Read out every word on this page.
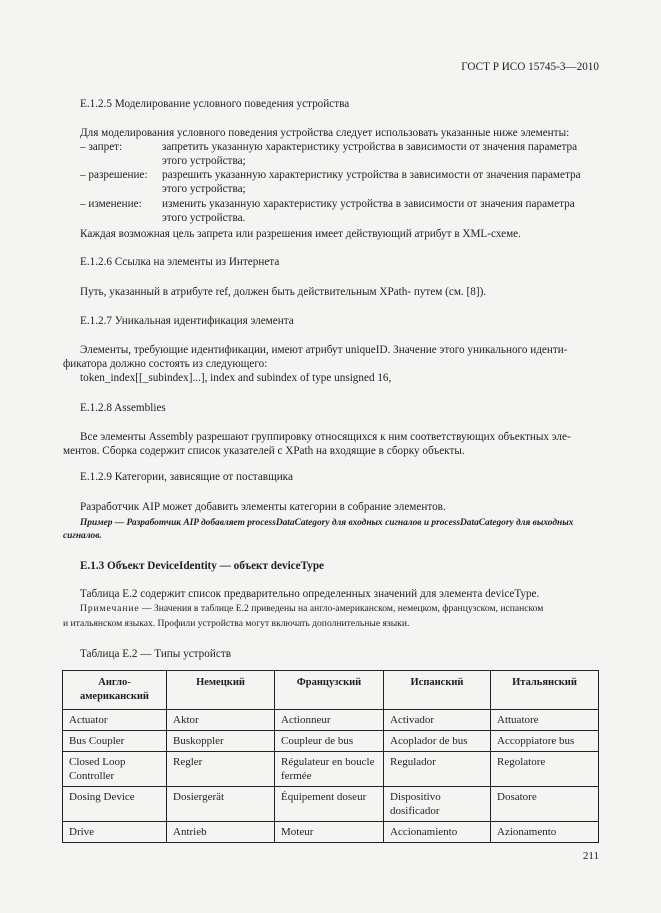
ГОСТ Р ИСО 15745-3—2010
E.1.2.5 Моделирование условного поведения устройства
Для моделирования условного поведения устройства следует использовать указанные ниже элементы:
– запрет:	запретить указанную характеристику устройства в зависимости от значения параметра
этого устройства;
– разрешение: разрешить указанную характеристику устройства в зависимости от значения параметра
этого устройства;
– изменение: изменить указанную характеристику устройства в зависимости от значения параметра
этого устройства.
Каждая возможная цель запрета или разрешения имеет действующий атрибут в XML-схеме.
E.1.2.6 Ссылка на элементы из Интернета
Путь, указанный в атрибуте ref, должен быть действительным XPath- путем (см. [8]).
E.1.2.7 Уникальная идентификация элемента
Элементы, требующие идентификации, имеют атрибут uniqueID. Значение этого уникального иденти-
фикатора должно состоять из следующего:
token_index[[_subindex]...], index and subindex of type unsigned 16,
E.1.2.8 Assemblies
Все элементы Assembly разрешают группировку относящихся к ним соответствующих объектных эле-
ментов. Сборка содержит список указателей с XPath на входящие в сборку объекты.
E.1.2.9 Категории, зависящие от поставщика
Разработчик AIP может добавить элементы категории в собрание элементов.
Пример — Разработчик AIP добавляет processDataCategory для входных сигналов и processDataCategory для выходных
сигналов.
E.1.3 Объект DeviceIdentity — объект deviceType
Таблица E.2 содержит список предварительно определенных значений для элемента deviceType.
Примечание — Значения в таблице E.2 приведены на англо-американском, немецком, французском, испанском
и итальянском языках. Профили устройства могут включать дополнительные языки.
Таблица E.2 — Типы устройств
Англо-американский	Немецкий	Французский	Испанский	Итальянский
Actuator	Aktor	Actionneur	Activador	Attuatore
Bus Coupler	Buskoppler	Coupleur de bus	Acoplador de bus	Accoppiatore bus
Closed Loop Controller	Regler	Régulateur en boucle fermée	Regulador	Regolatore
Dosing Device	Dosiergerät	Équipement doseur	Dispositivo dosificador	Dosatore
Drive	Antrieb	Moteur	Accionamiento	Azionamento
211
